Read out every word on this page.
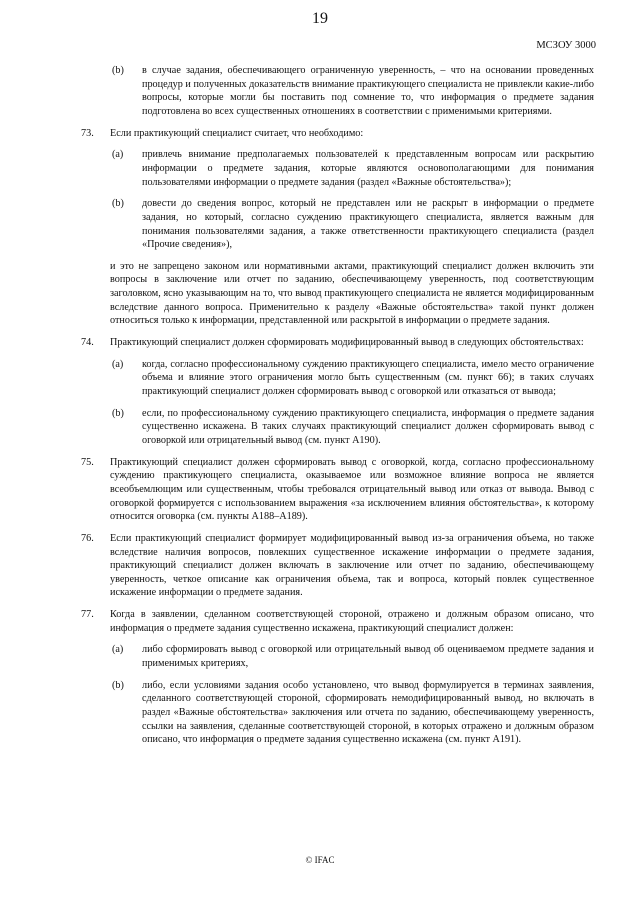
19
МСЗОУ 3000
(b) в случае задания, обеспечивающего ограниченную уверенность, – что на основании проведенных процедур и полученных доказательств внимание практикующего специалиста не привлекли какие-либо вопросы, которые могли бы поставить под сомнение то, что информация о предмете задания подготовлена во всех существенных отношениях в соответствии с применимыми критериями.
73. Если практикующий специалист считает, что необходимо:
(a) привлечь внимание предполагаемых пользователей к представленным вопросам или раскрытию информации о предмете задания, которые являются основополагающими для понимания пользователями информации о предмете задания (раздел «Важные обстоятельства»);
(b) довести до сведения вопрос, который не представлен или не раскрыт в информации о предмете задания, но который, согласно суждению практикующего специалиста, является важным для понимания пользователями задания, а также ответственности практикующего специалиста (раздел «Прочие сведения»),
и это не запрещено законом или нормативными актами, практикующий специалист должен включить эти вопросы в заключение или отчет по заданию, обеспечивающему уверенность, под соответствующим заголовком, ясно указывающим на то, что вывод практикующего специалиста не является модифицированным вследствие данного вопроса. Применительно к разделу «Важные обстоятельства» такой пункт должен относиться только к информации, представленной или раскрытой в информации о предмете задания.
74. Практикующий специалист должен сформировать модифицированный вывод в следующих обстоятельствах:
(a) когда, согласно профессиональному суждению практикующего специалиста, имело место ограничение объема и влияние этого ограничения могло быть существенным (см. пункт 66); в таких случаях практикующий специалист должен сформировать вывод с оговоркой или отказаться от вывода;
(b) если, по профессиональному суждению практикующего специалиста, информация о предмете задания существенно искажена. В таких случаях практикующий специалист должен сформировать вывод с оговоркой или отрицательный вывод (см. пункт A190).
75. Практикующий специалист должен сформировать вывод с оговоркой, когда, согласно профессиональному суждению практикующего специалиста, оказываемое или возможное влияние вопроса не является всеобъемлющим или существенным, чтобы требовался отрицательный вывод или отказ от вывода. Вывод с оговоркой формируется с использованием выражения «за исключением влияния обстоятельства», к которому относится оговорка (см. пункты A188–A189).
76. Если практикующий специалист формирует модифицированный вывод из-за ограничения объема, но также вследствие наличия вопросов, повлекших существенное искажение информации о предмете задания, практикующий специалист должен включать в заключение или отчет по заданию, обеспечивающему уверенность, четкое описание как ограничения объема, так и вопроса, который повлек существенное искажение информации о предмете задания.
77. Когда в заявлении, сделанном соответствующей стороной, отражено и должным образом описано, что информация о предмете задания существенно искажена, практикующий специалист должен:
(a) либо сформировать вывод с оговоркой или отрицательный вывод об оцениваемом предмете задания и применимых критериях,
(b) либо, если условиями задания особо установлено, что вывод формулируется в терминах заявления, сделанного соответствующей стороной, сформировать немодифицированный вывод, но включать в раздел «Важные обстоятельства» заключения или отчета по заданию, обеспечивающему уверенность, ссылки на заявления, сделанные соответствующей стороной, в которых отражено и должным образом описано, что информация о предмете задания существенно искажена (см. пункт A191).
© IFAC
